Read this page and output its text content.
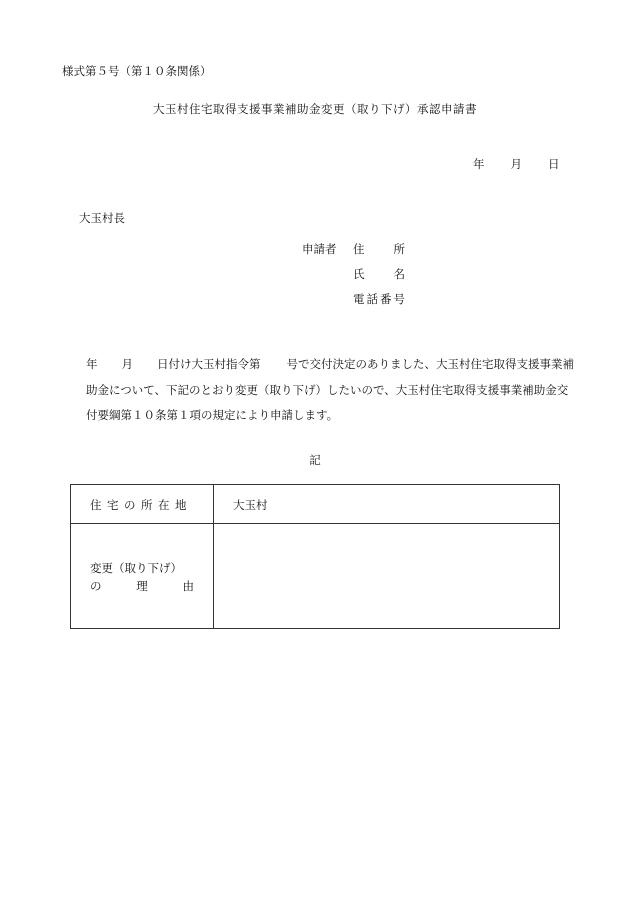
様式第５号（第１０条関係）
大玉村住宅取得支援事業補助金変更（取り下げ）承認申請書
年 月 日
大玉村長
申請者 住　所
氏　名
電話番号

年 月 日付け大玉村指令第 号で交付決定のありました、大玉村住宅取得支援事業補助金について、下記のとおり変更（取り下げ）したいので、大玉村住宅取得支援事業補助金交付要綱第１０条第１項の規定により申請します。

記
住宅の所在地	大玉村
変更（取り下げ）
の理由
